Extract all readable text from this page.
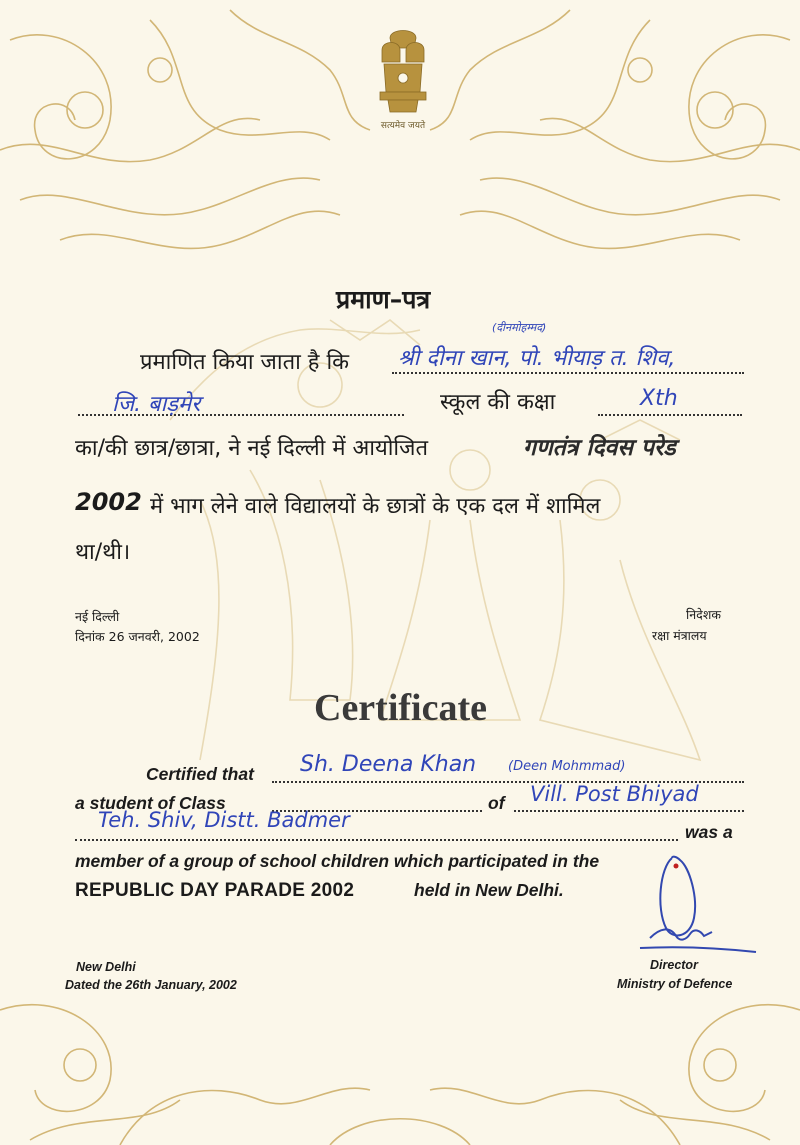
सत्यमेव जयते
प्रमाण–पत्र
(दीनमोहम्मद)
प्रमाणित किया जाता है कि श्री दीना खान, पो. भीयाड़ त. शिव,
जि. बाड़मेर	स्कूल की कक्षा	Xth
का/की छात्र/छात्रा, ने नई दिल्ली में आयोजित	गणतंत्र दिवस परेड
2002 में भाग लेने वाले विद्यालयों के छात्रों के एक दल में शामिल
था/थी।
नई दिल्ली
दिनांक 26 जनवरी, 2002
निदेशक
रक्षा मंत्रालय
Certificate
Certified that Sh. Deena Khan (Deen Mohmmad)
a student of Class	of Vill. Post Bhiyad
Teh. Shiv, Distt. Badmer	was a
member of a group of school children which participated in the
REPUBLIC DAY PARADE 2002	held in New Delhi.
New Delhi
Dated the 26th January, 2002
Director
Ministry of Defence
